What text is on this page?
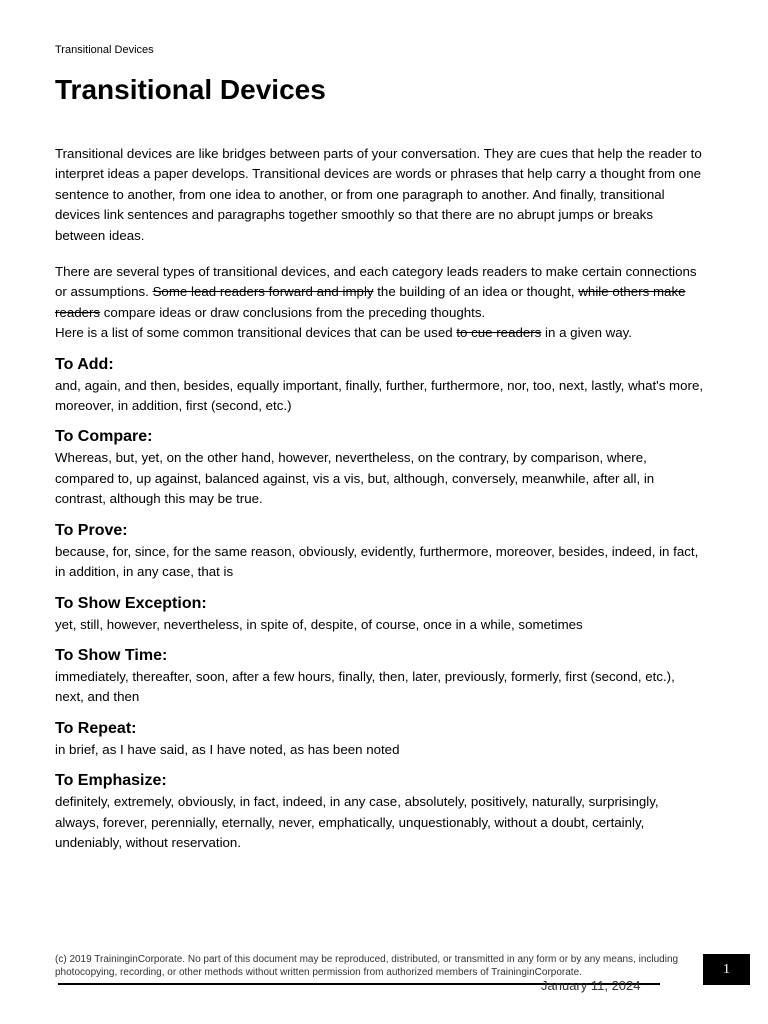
Transitional Devices
Transitional Devices

Transitional devices are like bridges between parts of your conversation. They are cues that help the reader to interpret ideas a paper develops. Transitional devices are words or phrases that help carry a thought from one sentence to another, from one idea to another, or from one paragraph to another. And finally, transitional devices link sentences and paragraphs together smoothly so that there are no abrupt jumps or breaks between ideas.

There are several types of transitional devices, and each category leads readers to make certain connections or assumptions. Some lead readers forward and imply the building of an idea or thought, while others make readers compare ideas or draw conclusions from the preceding thoughts.
Here is a list of some common transitional devices that can be used to cue readers in a given way.

To Add:

and, again, and then, besides, equally important, finally, further, furthermore, nor, too, next, lastly, what's more, moreover, in addition, first (second, etc.)

To Compare:

Whereas, but, yet, on the other hand, however, nevertheless, on the contrary, by comparison, where, compared to, up against, balanced against, vis a vis, but, although, conversely, meanwhile, after all, in contrast, although this may be true.

To Prove:

because, for, since, for the same reason, obviously, evidently, furthermore, moreover, besides, indeed, in fact, in addition, in any case, that is

To Show Exception:

yet, still, however, nevertheless, in spite of, despite, of course, once in a while, sometimes

To Show Time:

immediately, thereafter, soon, after a few hours, finally, then, later, previously, formerly, first (second, etc.), next, and then

To Repeat:

in brief, as I have said, as I have noted, as has been noted

To Emphasize:

definitely, extremely, obviously, in fact, indeed, in any case, absolutely, positively, naturally, surprisingly, always, forever, perennially, eternally, never, emphatically, unquestionably, without a doubt, certainly, undeniably, without reservation.

(c) 2019 TraininginCorporate. No part of this document may be reproduced, distributed, or transmitted in any form or by any means, including photocopying, recording, or other methods without written permission from authorized members of TraininginCorporate.
January 11, 2024
1
